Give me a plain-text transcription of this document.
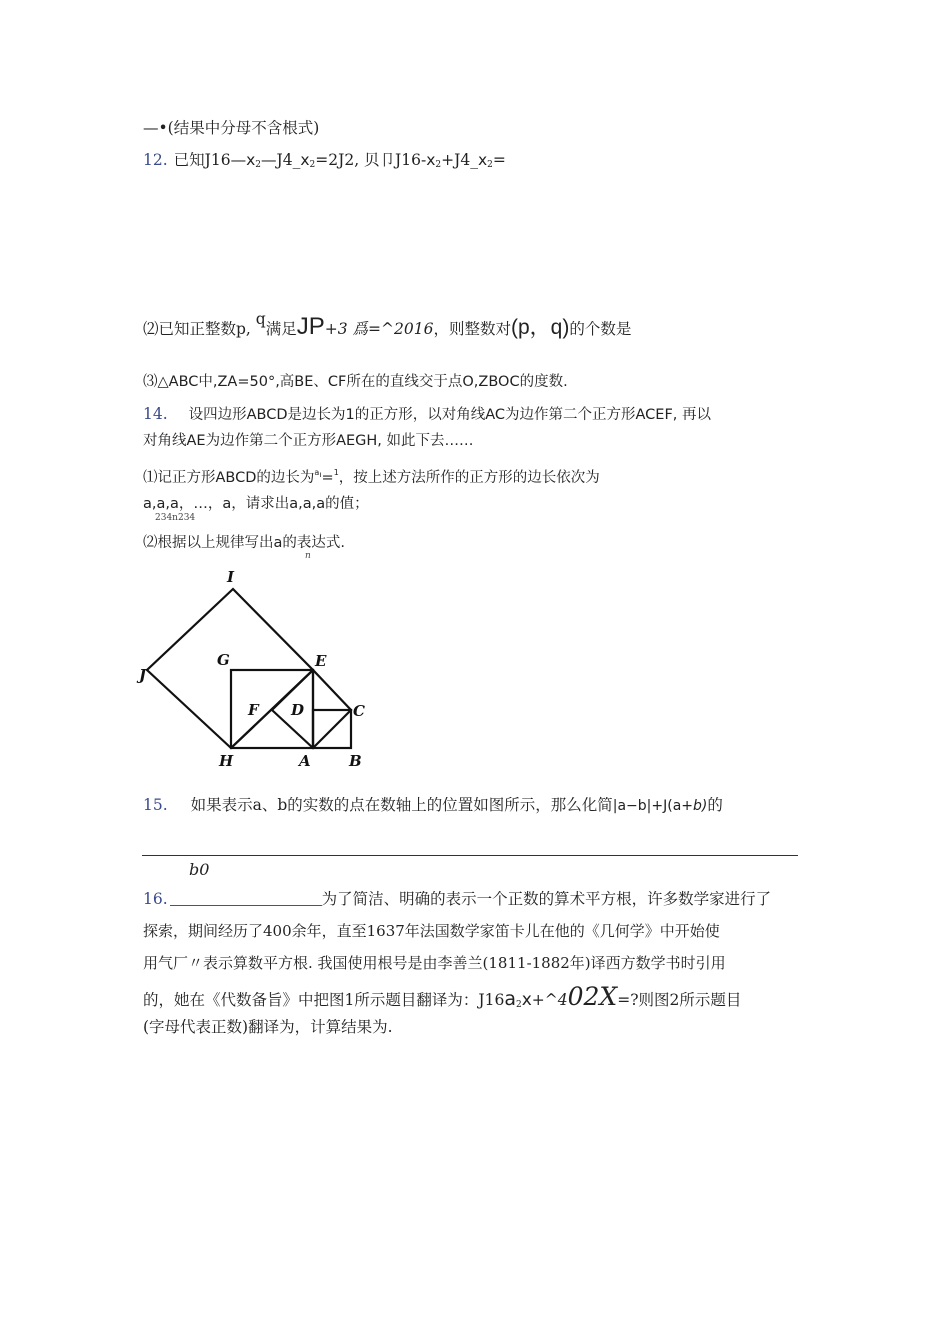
—•(结果中分母不含根式)
12. 已知$J16—x_2—J4\_x_2=2J2$, 贝卩$J16-x_2+J4\_x_2=$
⑵已知正整数p, q满足JP+3 爲=^2016，则整数对(p，q)的个数是
⑶△ABC中,ZA=50°,高BE、CF所在的直线交于点O,ZBOC的度数.
14. 设四边形ABCD是边长为1的正方形，以对角线AC为边作第二个正方形ACEF, 再以
对角线AE为边作第二个正方形AEGH, 如此下去……
⑴记正方形ABCD的边长为$^{aı}$=$^1$，按上述方法所作的正方形的边长依次为
a,a,a，…，a，请求出a,a,a的值；
234n234
⑵根据以上规律写出a的表达式.
n
I
J
G	E
F D	C
H	A	B
15. 如果表示a、b的实数的点在数轴上的位置如图所示，那么化简|a−b|+J(a+b)的
b0
16.	为了简洁、明确的表示一个正数的算术平方根，许多数学家进行了
探索，期间经历了400余年，直至1637年法国数学家笛卡儿在他的《几何学》中开始使
用气厂〃表示算数平方根. 我国使用根号是由李善兰(1811-1882年)译西方数学书时引用
的，她在《代数备旨》中把图1所示题目翻译为：$J16a_2x+\^{}402X=$?则图2所示题目
(字母代表正数)翻译为，计算结果为.
